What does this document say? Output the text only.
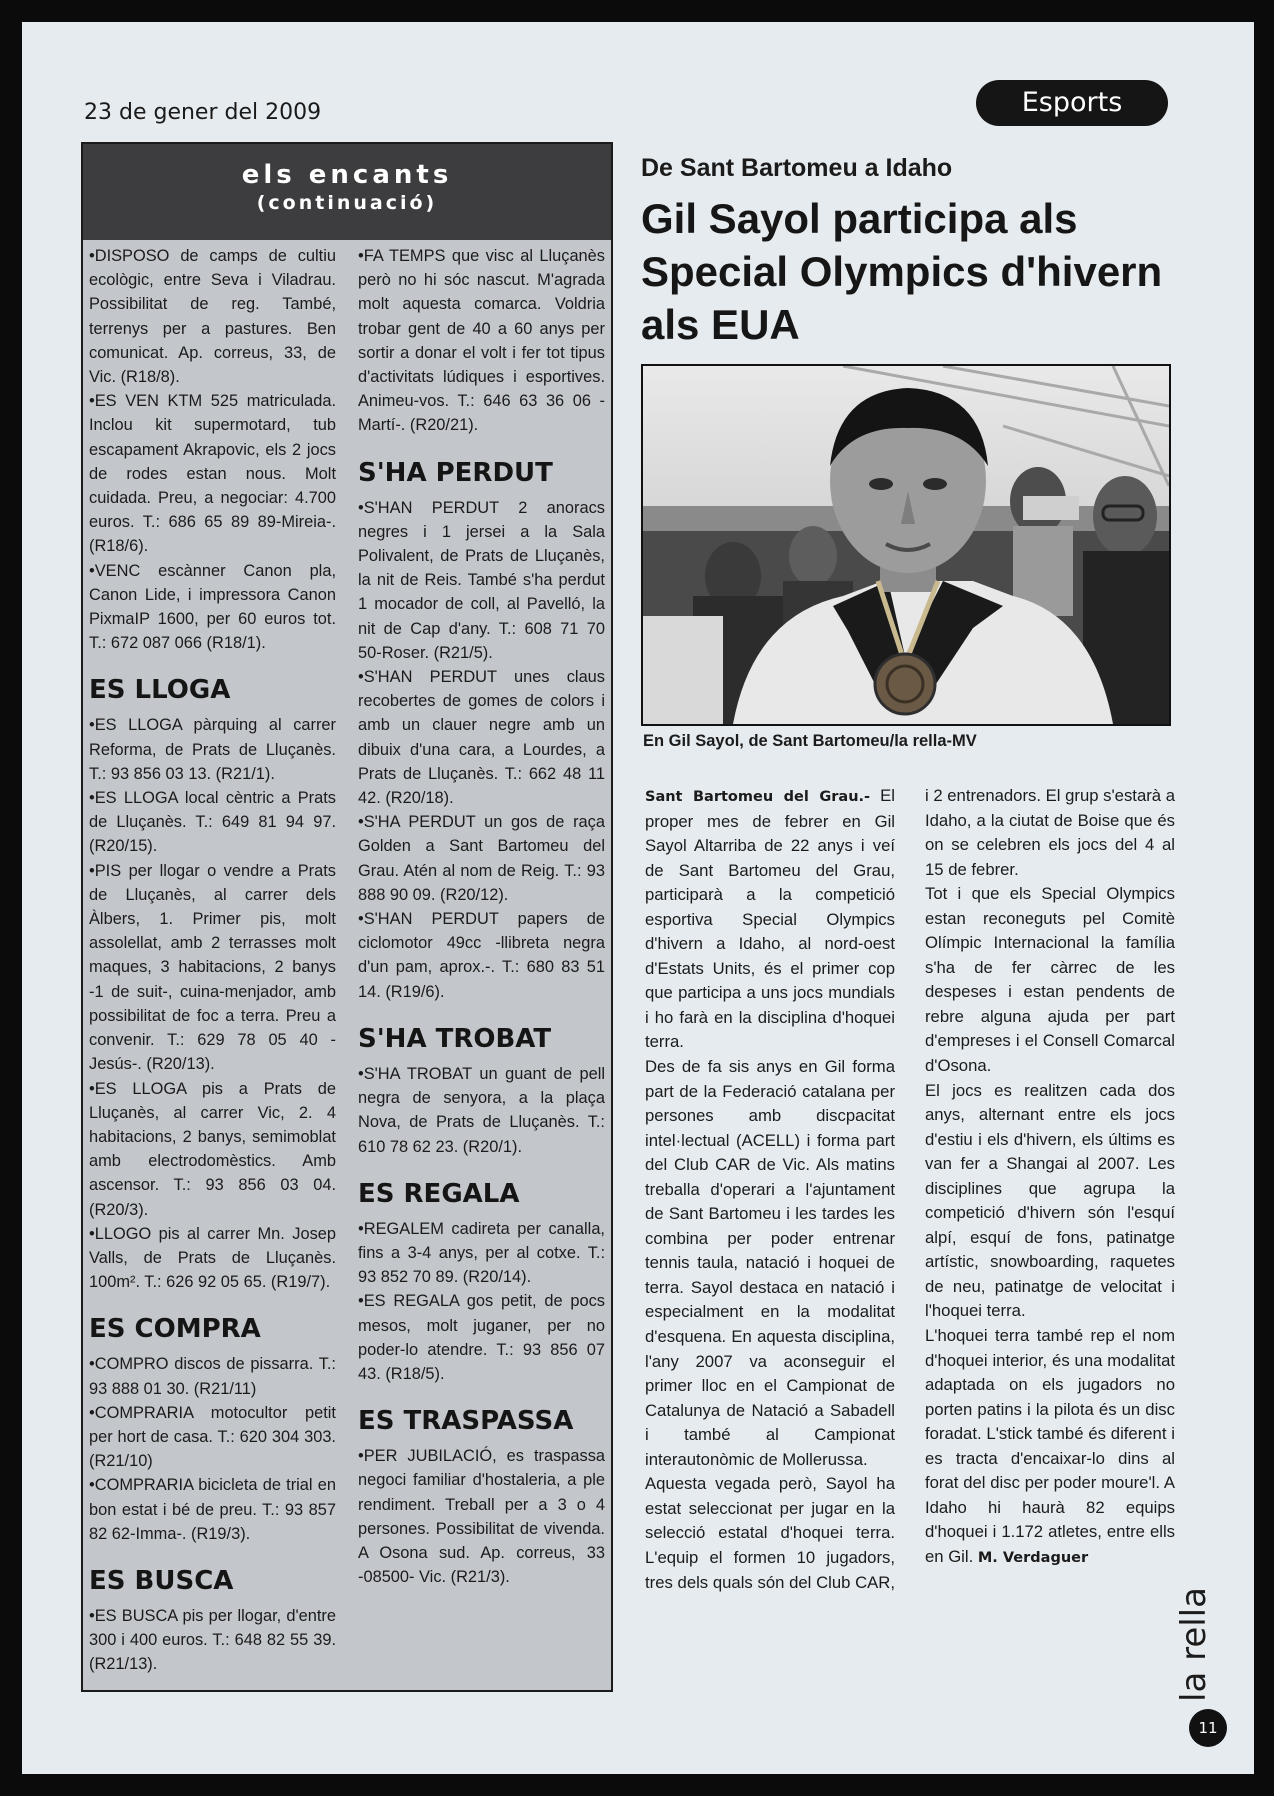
23 de gener del 2009	Esports
els encants
(continuació)

•DISPOSO de camps de cultiu ecològic, entre Seva i Viladrau. Possibilitat de reg. També, terrenys per a pastures. Ben comunicat. Ap. correus, 33, de Vic. (R18/8).

•ES VEN KTM 525 matriculada. Inclou kit supermotard, tub escapament Akrapovic, els 2 jocs de rodes estan nous. Molt cuidada. Preu, a negociar: 4.700 euros. T.: 686 65 89 89-Mireia-. (R18/6).

•VENC escànner Canon pla, Canon Lide, i impressora Canon PixmaIP 1600, per 60 euros tot. T.: 672 087 066 (R18/1).

ES LLOGA

•ES LLOGA pàrquing al carrer Reforma, de Prats de Lluçanès. T.: 93 856 03 13. (R21/1).

•ES LLOGA local cèntric a Prats de Lluçanès. T.: 649 81 94 97. (R20/15).

•PIS per llogar o vendre a Prats de Lluçanès, al carrer dels Àlbers, 1. Primer pis, molt assolellat, amb 2 terrasses molt maques, 3 habitacions, 2 banys -1 de suit-, cuina-menjador, amb possibilitat de foc a terra. Preu a convenir. T.: 629 78 05 40 -Jesús-. (R20/13).

•ES LLOGA pis a Prats de Lluçanès, al carrer Vic, 2. 4 habitacions, 2 banys, semimoblat amb electrodomèstics. Amb ascensor. T.: 93 856 03 04. (R20/3).

•LLOGO pis al carrer Mn. Josep Valls, de Prats de Lluçanès. 100m². T.: 626 92 05 65. (R19/7).

ES COMPRA

•COMPRO discos de pissarra. T.: 93 888 01 30. (R21/11)

•COMPRARIA motocultor petit per hort de casa. T.: 620 304 303. (R21/10)

•COMPRARIA bicicleta de trial en bon estat i bé de preu. T.: 93 857 82 62-Imma-. (R19/3).

ES BUSCA

•ES BUSCA pis per llogar, d'entre 300 i 400 euros. T.: 648 82 55 39. (R21/13).

•FA TEMPS que visc al Lluçanès però no hi sóc nascut. M'agrada molt aquesta comarca. Voldria trobar gent de 40 a 60 anys per sortir a donar el volt i fer tot tipus d'activitats lúdiques i esportives. Animeu-vos. T.: 646 63 36 06 -Martí-. (R20/21).

S'HA PERDUT

•S'HAN PERDUT 2 anoracs negres i 1 jersei a la Sala Polivalent, de Prats de Lluçanès, la nit de Reis. També s'ha perdut 1 mocador de coll, al Pavelló, la nit de Cap d'any. T.: 608 71 70 50-Roser. (R21/5).

•S'HAN PERDUT unes claus recobertes de gomes de colors i amb un clauer negre amb un dibuix d'una cara, a Lourdes, a Prats de Lluçanès. T.: 662 48 11 42. (R20/18).

•S'HA PERDUT un gos de raça Golden a Sant Bartomeu del Grau. Atén al nom de Reig. T.: 93 888 90 09. (R20/12).

•S'HAN PERDUT papers de ciclomotor 49cc -llibreta negra d'un pam, aprox.-. T.: 680 83 51 14. (R19/6).

S'HA TROBAT

•S'HA TROBAT un guant de pell negra de senyora, a la plaça Nova, de Prats de Lluçanès. T.: 610 78 62 23. (R20/1).

ES REGALA

•REGALEM cadireta per canalla, fins a 3-4 anys, per al cotxe. T.: 93 852 70 89. (R20/14).

•ES REGALA gos petit, de pocs mesos, molt juganer, per no poder-lo atendre. T.: 93 856 07 43. (R18/5).

ES TRASPASSA

•PER JUBILACIÓ, es traspassa negoci familiar d'hostaleria, a ple rendiment. Treball per a 3 o 4 persones. Possibilitat de vivenda. A Osona sud. Ap. correus, 33 -08500- Vic. (R21/3).

De Sant Bartomeu a Idaho
Gil Sayol participa als Special Olympics d'hivern als EUA
En Gil Sayol, de Sant Bartomeu/la rella-MV

Sant Bartomeu del Grau.- El proper mes de febrer en Gil Sayol Altarriba de 22 anys i veí de Sant Bartomeu del Grau, participarà a la competició esportiva Special Olympics d'hivern a Idaho, al nord-oest d'Estats Units, és el primer cop que participa a uns jocs mundials i ho farà en la disciplina d'hoquei terra.

Des de fa sis anys en Gil forma part de la Federació catalana per persones amb discpacitat intel·lectual (ACELL) i forma part del Club CAR de Vic. Als matins treballa d'operari a l'ajuntament de Sant Bartomeu i les tardes les combina per poder entrenar tennis taula, natació i hoquei de terra. Sayol destaca en natació i especialment en la modalitat d'esquena. En aquesta disciplina, l'any 2007 va aconseguir el primer lloc en el Campionat de Catalunya de Natació a Sabadell i també al Campionat interautonòmic de Mollerussa.

Aquesta vegada però, Sayol ha estat seleccionat per jugar en la selecció estatal d'hoquei terra. L'equip el formen 10 jugadors, tres dels quals són del Club CAR, i 2 entrenadors. El grup s'estarà a Idaho, a la ciutat de Boise que és on se celebren els jocs del 4 al 15 de febrer.

Tot i que els Special Olympics estan reconeguts pel Comitè Olímpic Internacional la família s'ha de fer càrrec de les despeses i estan pendents de rebre alguna ajuda per part d'empreses i el Consell Comarcal d'Osona.

El jocs es realitzen cada dos anys, alternant entre els jocs d'estiu i els d'hivern, els últims es van fer a Shangai al 2007. Les disciplines que agrupa la competició d'hivern són l'esquí alpí, esquí de fons, patinatge artístic, snowboarding, raquetes de neu, patinatge de velocitat i l'hoquei terra.

L'hoquei terra també rep el nom d'hoquei interior, és una modalitat adaptada on els jugadors no porten patins i la pilota és un disc foradat. L'stick també és diferent i es tracta d'encaixar-lo dins al forat del disc per poder moure'l. A Idaho hi haurà 82 equips d'hoquei i 1.172 atletes, entre ells en Gil. M. Verdaguer

la rella
11
